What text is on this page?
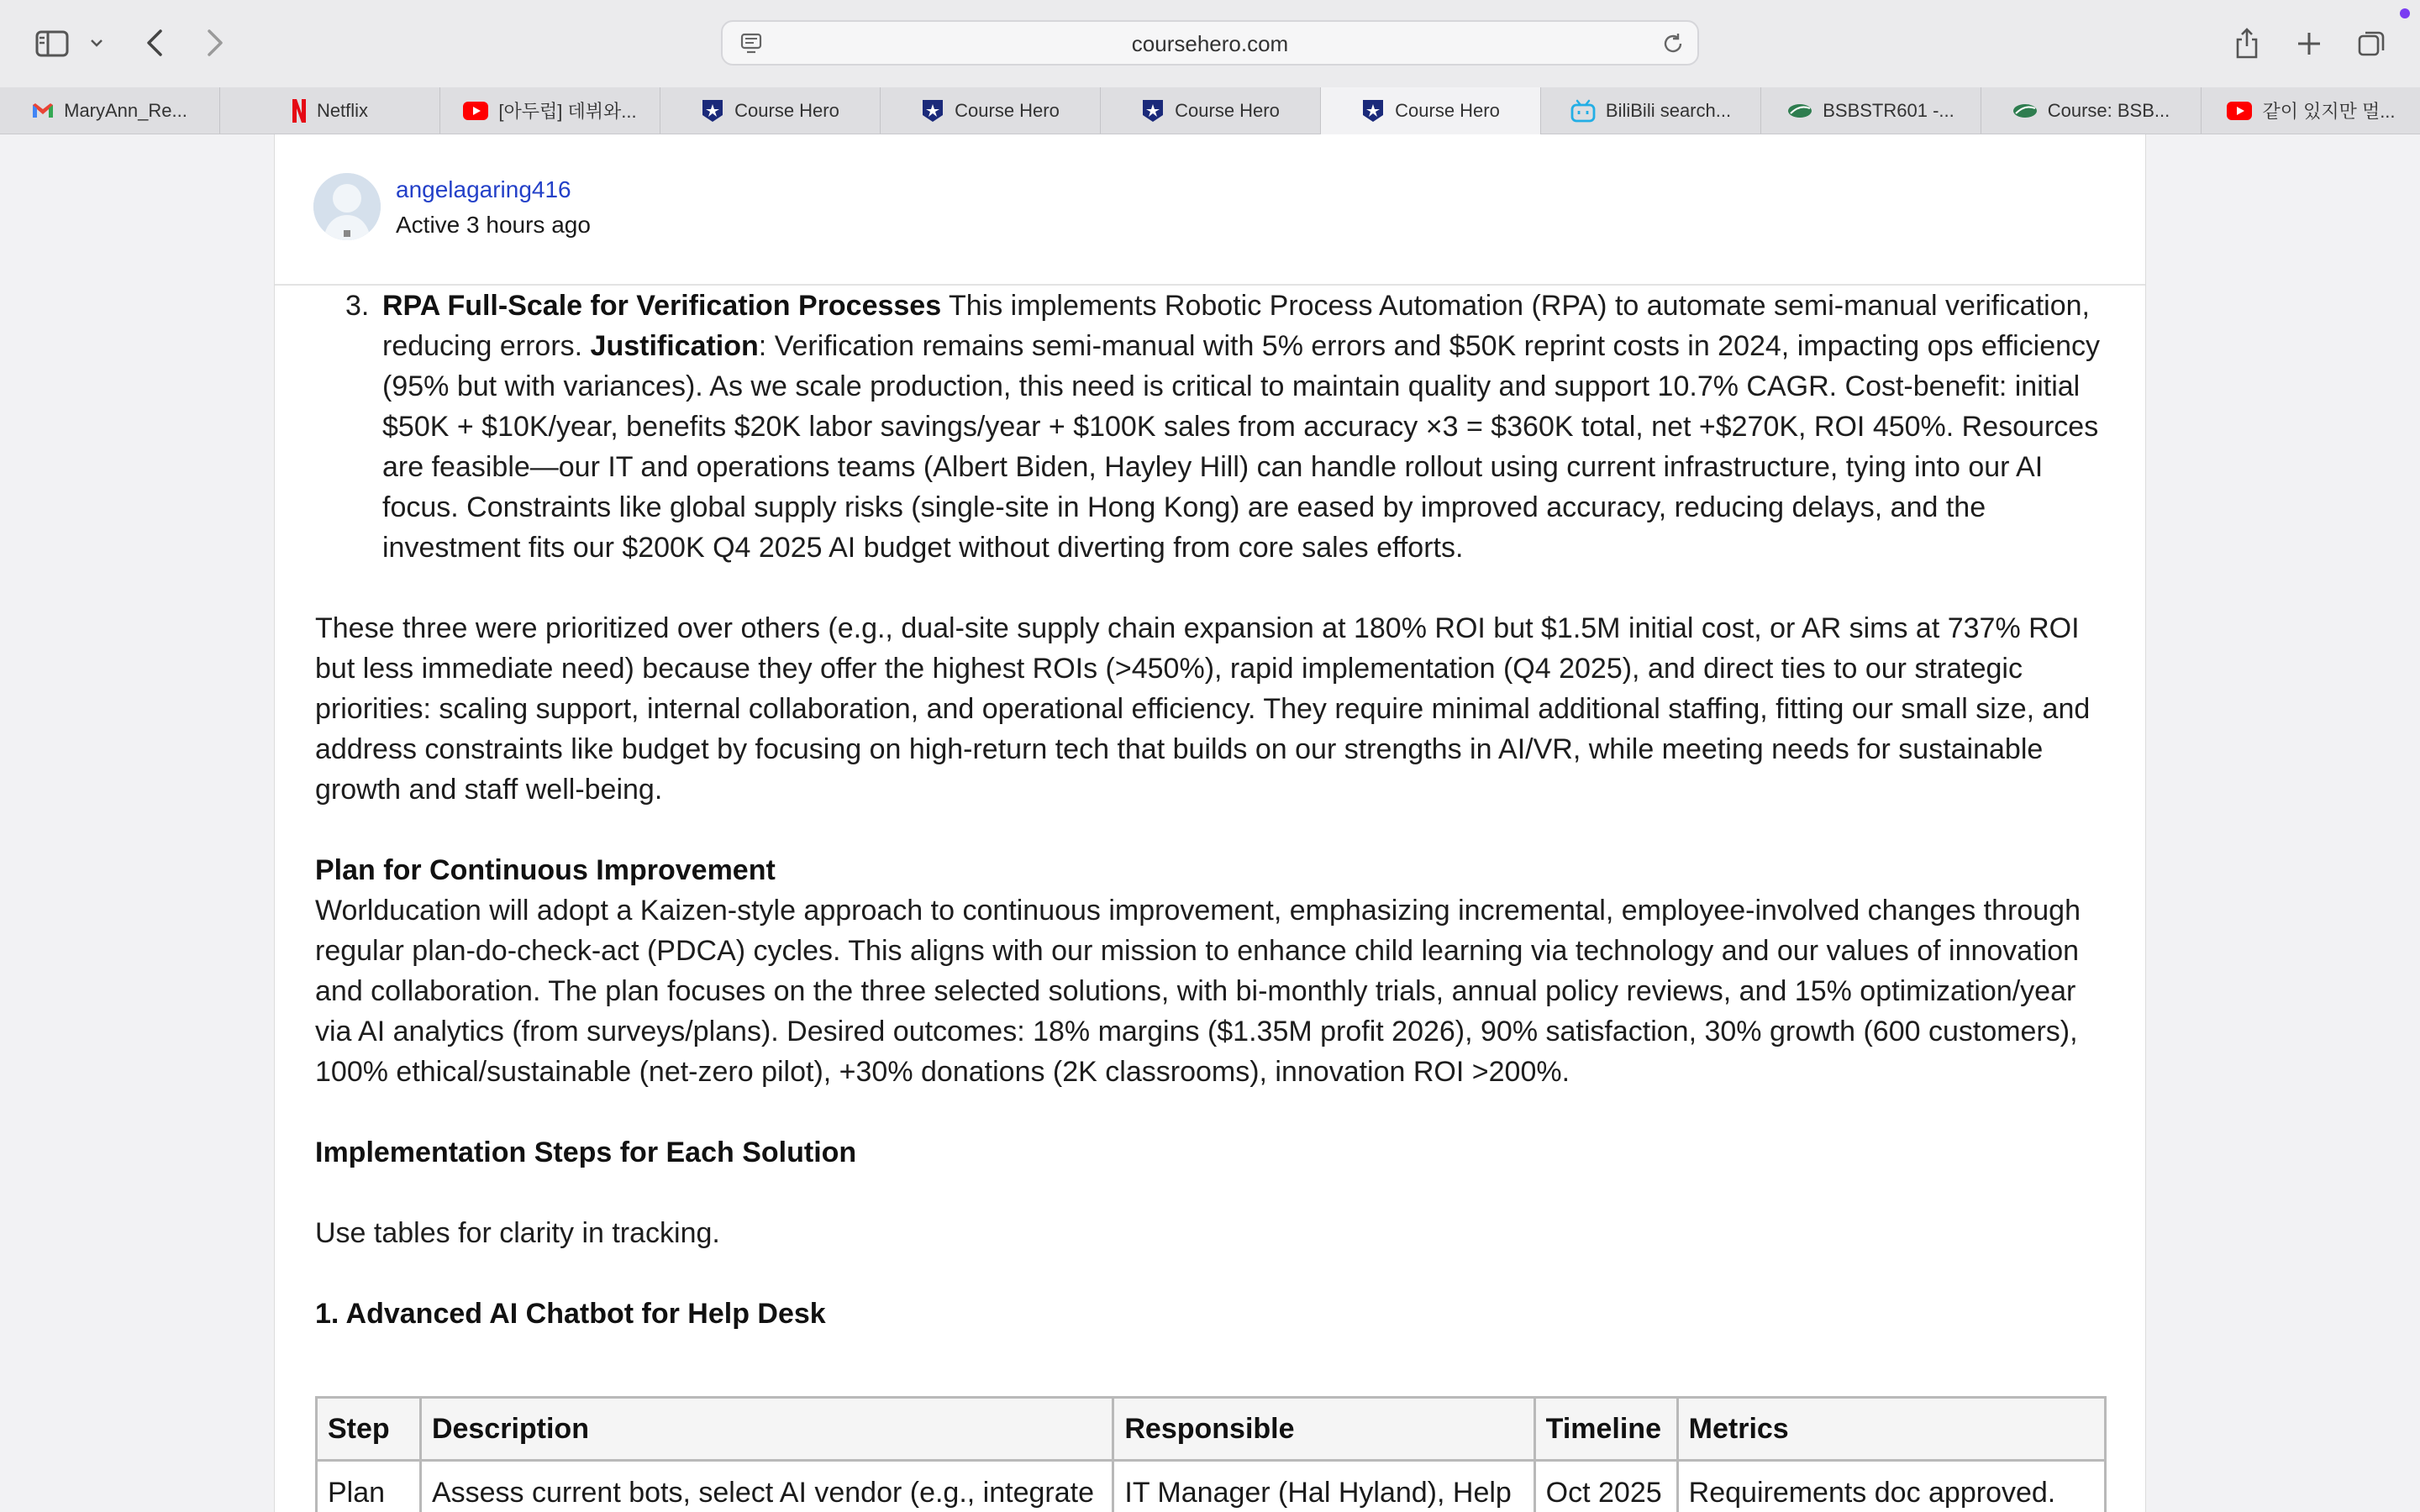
coursehero.com
MaryAnn_Re...	Netflix	[아두럽] 데뷔와...	Course Hero	Course Hero	Course Hero	Course Hero	BiliBili search...	BSBSTR601 -...	Course: BSB...	같이 있지만 멀...
angelagaring416
Active 3 hours ago
3. RPA Full-Scale for Verification Processes This implements Robotic Process Automation (RPA) to automate semi-manual verification, reducing errors. Justification: Verification remains semi-manual with 5% errors and $50K reprint costs in 2024, impacting ops efficiency (95% but with variances). As we scale production, this need is critical to maintain quality and support 10.7% CAGR. Cost-benefit: initial $50K + $10K/year, benefits $20K labor savings/year + $100K sales from accuracy ×3 = $360K total, net +$270K, ROI 450%. Resources are feasible—our IT and operations teams (Albert Biden, Hayley Hill) can handle rollout using current infrastructure, tying into our AI focus. Constraints like global supply risks (single-site in Hong Kong) are eased by improved accuracy, reducing delays, and the investment fits our $200K Q4 2025 AI budget without diverting from core sales efforts.

These three were prioritized over others (e.g., dual-site supply chain expansion at 180% ROI but $1.5M initial cost, or AR sims at 737% ROI but less immediate need) because they offer the highest ROIs (>450%), rapid implementation (Q4 2025), and direct ties to our strategic priorities: scaling support, internal collaboration, and operational efficiency. They require minimal additional staffing, fitting our small size, and address constraints like budget by focusing on high-return tech that builds on our strengths in AI/VR, while meeting needs for sustainable growth and staff well-being.

Plan for Continuous Improvement

Worlducation will adopt a Kaizen-style approach to continuous improvement, emphasizing incremental, employee-involved changes through regular plan-do-check-act (PDCA) cycles. This aligns with our mission to enhance child learning via technology and our values of innovation and collaboration. The plan focuses on the three selected solutions, with bi-monthly trials, annual policy reviews, and 15% optimization/year via AI analytics (from surveys/plans). Desired outcomes: 18% margins ($1.35M profit 2026), 90% satisfaction, 30% growth (600 customers), 100% ethical/sustainable (net-zero pilot), +30% donations (2K classrooms), innovation ROI >200%.

Implementation Steps for Each Solution

Use tables for clarity in tracking.

1. Advanced AI Chatbot for Help Desk

Step	Description	Responsible	Timeline	Metrics
Plan	Assess current bots, select AI vendor (e.g., integrate	IT Manager (Hal Hyland), Help	Oct 2025	Requirements doc approved.
